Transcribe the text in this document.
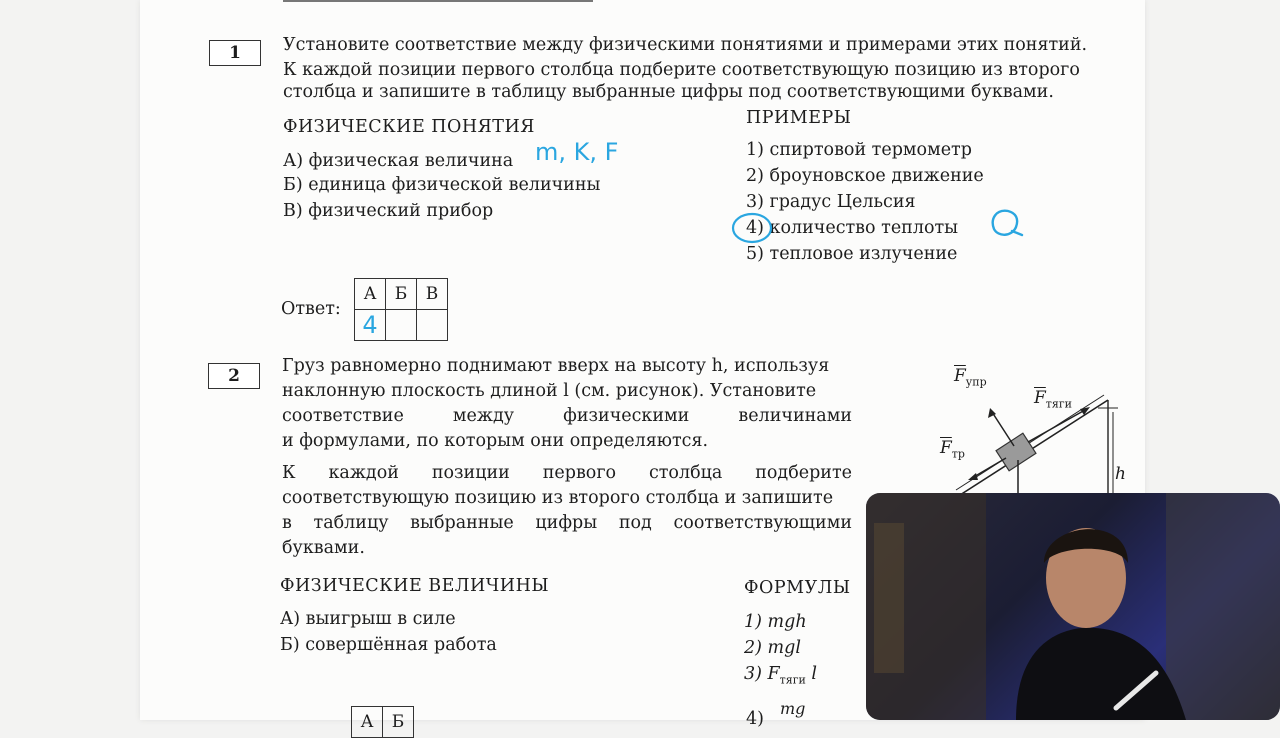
1	Установите соответствие между физическими понятиями и примерами этих понятий.
К каждой позиции первого столбца подберите соответствующую позицию из второго
столбца и запишите в таблицу выбранные цифры под соответствующими буквами.
ФИЗИЧЕСКИЕ ПОНЯТИЯ
А) физическая величина
Б) единица физической величины
В) физический прибор
m, K, F
ПРИМЕРЫ
1) спиртовой термометр
2) броуновское движение
3) градус Цельсия
4) количество теплоты
5) тепловое излучение
Ответ:
А	Б	В
4		
2	Груз равномерно поднимают вверх на высоту h, используя
наклонную плоскость длиной l (см. рисунок). Установите
соответствие между физическими величинами
и формулами, по которым они определяются.
К каждой позиции первого столбца подберите
соответствующую позицию из второго столбца и запишите
в таблицу выбранные цифры под соответствующими
буквами.
ФИЗИЧЕСКИЕ ВЕЛИЧИНЫ
А) выигрыш в силе
Б) совершённая работа
ФОРМУЛЫ
1) mgh
2) mgl
3) $F_{тяги}$ l
mg
4)
А	Б
$\overline{F}_{упр}$
$\overline{F}_{тяги}$
$\overline{F}_{тр}$
h
